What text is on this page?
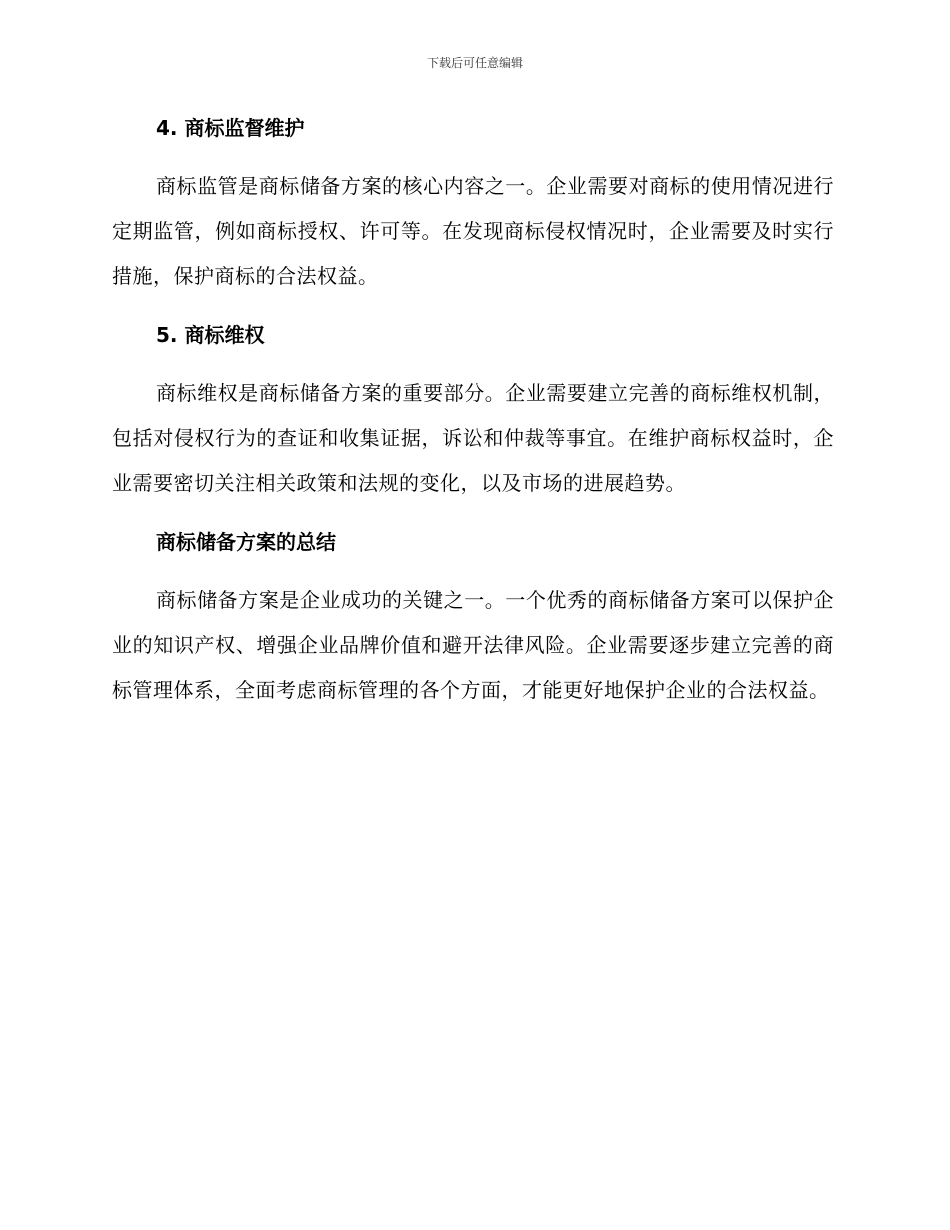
下载后可任意编辑
4. 商标监督维护

商标监管是商标储备方案的核心内容之一。企业需要对商标的使用情况进行定期监管，例如商标授权、许可等。在发现商标侵权情况时，企业需要及时实行措施，保护商标的合法权益。

5. 商标维权

商标维权是商标储备方案的重要部分。企业需要建立完善的商标维权机制，包括对侵权行为的查证和收集证据，诉讼和仲裁等事宜。在维护商标权益时，企业需要密切关注相关政策和法规的变化，以及市场的进展趋势。

商标储备方案的总结

商标储备方案是企业成功的关键之一。一个优秀的商标储备方案可以保护企业的知识产权、增强企业品牌价值和避开法律风险。企业需要逐步建立完善的商标管理体系，全面考虑商标管理的各个方面，才能更好地保护企业的合法权益。
